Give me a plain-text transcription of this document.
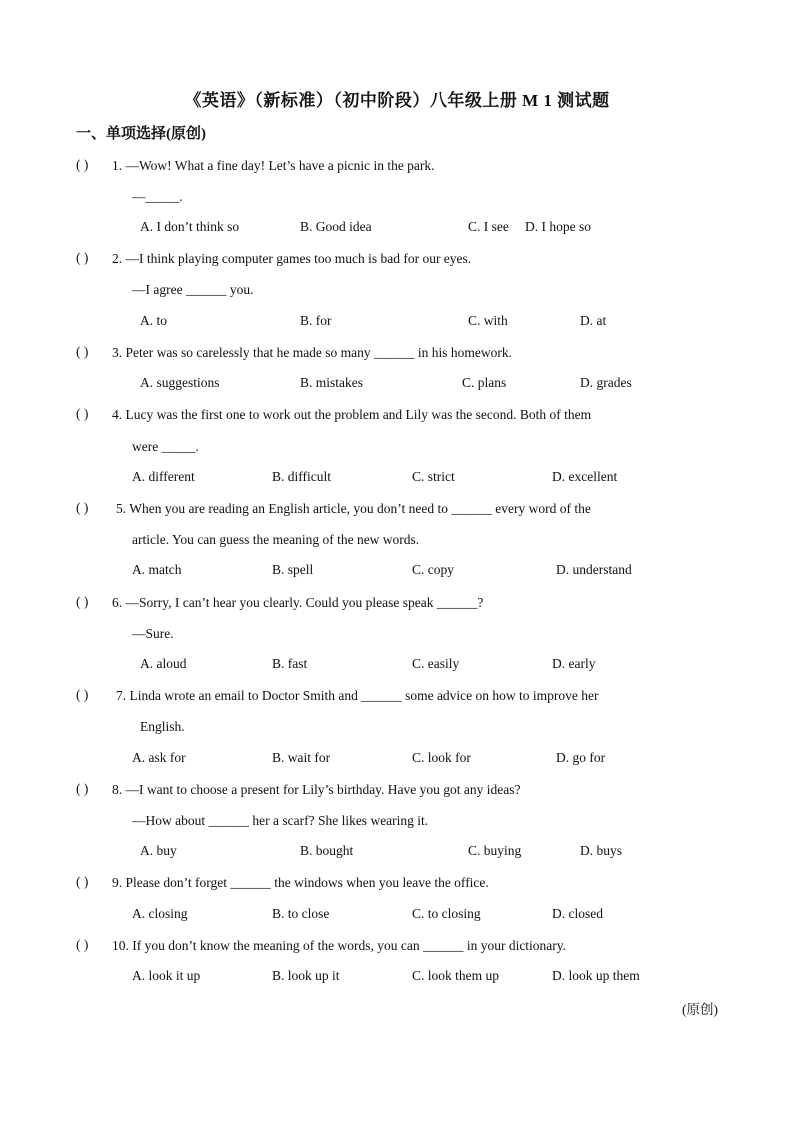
《英语》（新标准）（初中阶段）八年级上册 M 1 测试题
一、单项选择(原创)
( ) 1. —Wow! What a fine day! Let’s have a picnic in the park.
—_____.
A. I don’t think so	B. Good idea	C. I see D. I hope so
( ) 2. —I think playing computer games too much is bad for our eyes.
—I agree ______ you.
A. to	B. for	C. with	D. at
( ) 3. Peter was so carelessly that he made so many ______ in his homework.
A. suggestions	B. mistakes	C. plans	D. grades
( ) 4. Lucy was the first one to work out the problem and Lily was the second. Both of them
were _____.
A. different	B. difficult	C. strict	D. excellent
( ) 5. When you are reading an English article, you don’t need to ______ every word of the
article. You can guess the meaning of the new words.
A. match	B. spell	C. copy	D. understand
( ) 6. —Sorry, I can’t hear you clearly. Could you please speak ______?
—Sure.
A. aloud	B. fast	C. easily	D. early
( ) 7. Linda wrote an email to Doctor Smith and ______ some advice on how to improve her
English.
A. ask for	B. wait for	C. look for	D. go for
( ) 8. —I want to choose a present for Lily’s birthday. Have you got any ideas?
—How about ______ her a scarf? She likes wearing it.
A. buy	B. bought	C. buying	D. buys
( ) 9. Please don’t forget ______ the windows when you leave the office.
A. closing	B. to close	C. to closing	D. closed
( ) 10. If you don’t know the meaning of the words, you can ______ in your dictionary.
A. look it up	B. look up it	C. look them up	D. look up them
(原创)
